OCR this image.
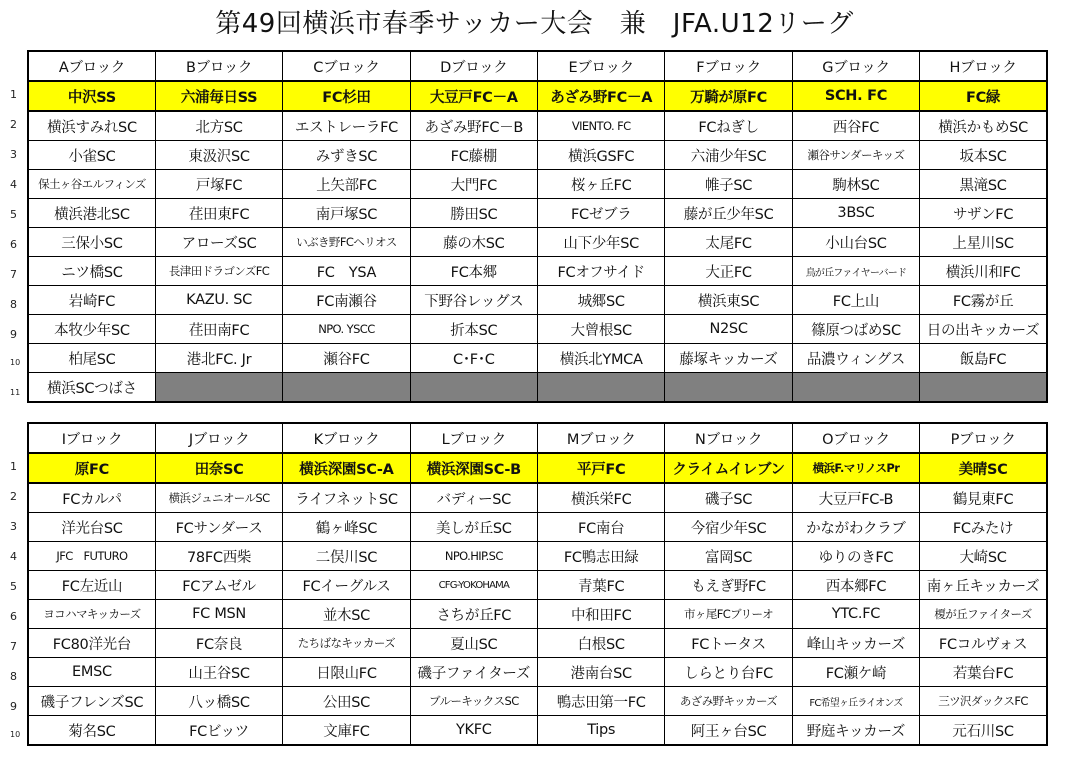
第49回横浜市春季サッカー大会　兼　JFA.U12リーグ
Aブロック	Bブロック	Cブロック	Dブロック	Eブロック	Fブロック	Gブロック	Hブロック
中沢SS	六浦毎日SS	FC杉田	大豆戸FC－A	あざみ野FC－A	万騎が原FC	SCH. FC	FC緑
横浜すみれSC	北方SC	エストレーラFC	あざみ野FC－B	VIENTO. FC	FCねぎし	西谷FC	横浜かもめSC
小雀SC	東汲沢SC	みずきSC	FC藤棚	横浜GSFC	六浦少年SC	瀬谷サンダーキッズ	坂本SC
保土ヶ谷エルフィンズ	戸塚FC	上矢部FC	大門FC	桜ヶ丘FC	帷子SC	駒林SC	黒滝SC
横浜港北SC	荏田東FC	南戸塚SC	勝田SC	FCゼブラ	藤が丘少年SC	3BSC	サザンFC
三保小SC	アローズSC	いぶき野FCヘリオス	藤の木SC	山下少年SC	太尾FC	小山台SC	上星川SC
ニツ橋SC	長津田ドラゴンズFC	FC　YSA	FC本郷	FCオフサイド	大正FC	鳥が丘ファイヤーバード	横浜川和FC
岩崎FC	KAZU. SC	FC南瀬谷	下野谷レッグス	城郷SC	横浜東SC	FC上山	FC霧が丘
本牧少年SC	荏田南FC	NPO. YSCC	折本SC	大曾根SC	N2SC	篠原つばめSC	日の出キッカーズ
柏尾SC	港北FC. Jr	瀬谷FC	C･F･C	横浜北YMCA	藤塚キッカーズ	品濃ウィングス	飯島FC
横浜SCつばさ							
Iブロック	Jブロック	Kブロック	Lブロック	Mブロック	Nブロック	Oブロック	Pブロック
原FC	田奈SC	横浜深園SC-A	横浜深園SC-B	平戸FC	クライムイレブン	横浜F.マリノスPr	美晴SC
FCカルパ	横浜ジュニオールSC	ライフネットSC	バディーSC	横浜栄FC	磯子SC	大豆戸FC-B	鶴見東FC
洋光台SC	FCサンダース	鶴ヶ峰SC	美しが丘SC	FC南台	今宿少年SC	かながわクラブ	FCみたけ
JFC　FUTURO	78FC西柴	二俣川SC	NPO.HIP.SC	FC鴨志田緑	富岡SC	ゆりのきFC	大崎SC
FC左近山	FCアムゼル	FCイーグルス	CFG-YOKOHAMA	青葉FC	もえぎ野FC	西本郷FC	南ヶ丘キッカーズ
ヨコハマキッカーズ	FC MSN	並木SC	さちが丘FC	中和田FC	市ヶ尾FCブリーオ	YTC.FC	榎が丘ファイターズ
FC80洋光台	FC奈良	たちばなキッカーズ	夏山SC	白根SC	FCトータス	峰山キッカーズ	FCコルヴォス
EMSC	山王谷SC	日限山FC	磯子ファイターズ	港南台SC	しらとり台FC	FC瀬ケ崎	若葉台FC
磯子フレンズSC	八ッ橋SC	公田SC	ブルーキックスSC	鴨志田第一FC	あざみ野キッカーズ	FC希望ヶ丘ライオンズ	三ツ沢ダックスFC
菊名SC	FCビッツ	文庫FC	YKFC	Tips	阿王ヶ台SC	野庭キッカーズ	元石川SC
1
2
3
4
5
6
7
8
9
10
11
1
2
3
4
5
6
7
8
9
10
